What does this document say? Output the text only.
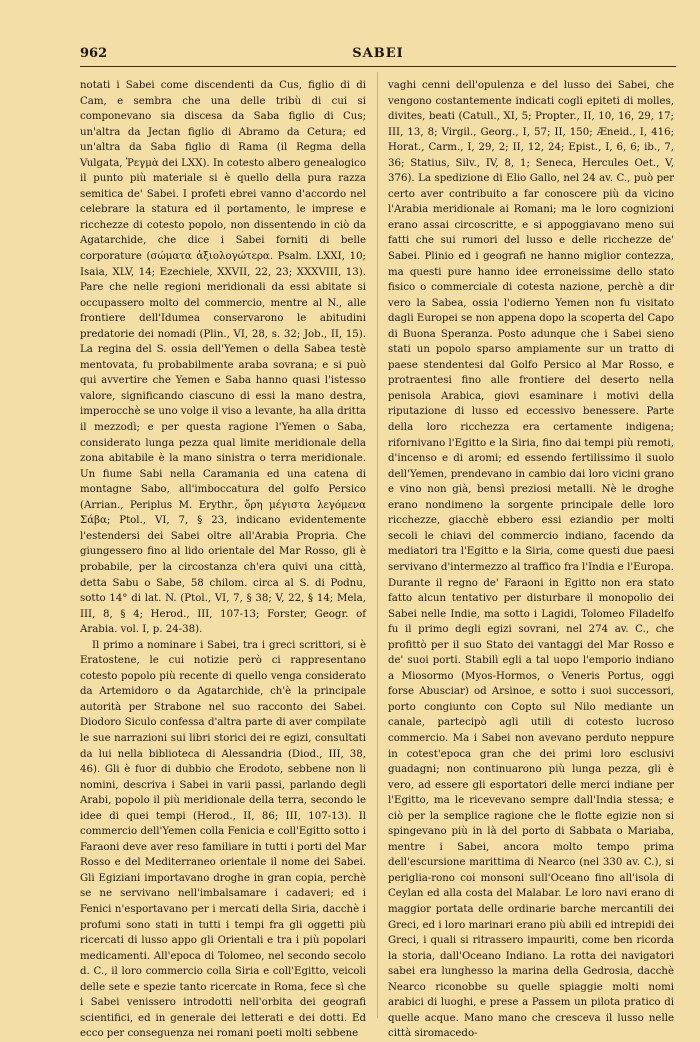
962	SABEI

notati i Sabei come discendenti da Cus, figlio di di Cam, e sembra che una delle tribù di cui si componevano sia discesa da Saba figlio di Cus; un'altra da Jectan figlio di Abramo da Cetura; ed un'altra da Saba figlio di Rama (il Regma della Vulgata, Ῥεγμὰ dei LXX). In cotesto albero genealogico il punto più materiale si è quello della pura razza semitica de' Sabei. I profeti ebrei vanno d'accordo nel celebrare la statura ed il portamento, le imprese e ricchezze di cotesto popolo, non dissentendo in ciò da Agatarchide, che dice i Sabei forniti di belle corporature (σώματα ἀξιολογώτερα. Psalm. LXXI, 10; Isaia, XLV, 14; Ezechiele, XXVII, 22, 23; XXXVIII, 13). Pare che nelle regioni meridionali da essi abitate si occupassero molto del commercio, mentre al N., alle frontiere dell'Idumea conservarono le abitudini predatorie dei nomadi (Plin., VI, 28, s. 32; Job., II, 15). La regina del S. ossia dell'Yemen o della Sabea testè mentovata, fu probabilmente araba sovrana; e si può qui avvertire che Yemen e Saba hanno quasi l'istesso valore, significando ciascuno di essi la mano destra, imperocchè se uno volge il viso a levante, ha alla dritta il mezzodì; e per questa ragione l'Yemen o Saba, considerato lunga pezza qual limite meridionale della zona abitabile è la mano sinistra o terra meridionale. Un fiume Sabi nella Caramania ed una catena di montagne Sabo, all'imboccatura del golfo Persico (Arrian., Periplus M. Erythr., ὄρη μέγιστα λεγόμενα Σάβα; Ptol., VI, 7, § 23, indicano evidentemente l'estendersi dei Sabei oltre all'Arabia Propria. Che giungessero fino al lido orientale del Mar Rosso, gli è probabile, per la circostanza ch'era quivi una città, detta Sabu o Sabe, 58 chilom. circa al S. di Podnu, sotto 14° di lat. N. (Ptol., VI, 7, § 38; V, 22, § 14; Mela, III, 8, § 4; Herod., III, 107-13; Forster, Geogr. of Arabia. vol. I, p. 24-38).

Il primo a nominare i Sabei, tra i greci scrittori, si è Eratostene, le cui notizie però ci rappresentano cotesto popolo più recente di quello venga considerato da Artemidoro o da Agatarchide, ch'è la principale autorità per Strabone nel suo racconto dei Sabei. Diodoro Siculo confessa d'altra parte di aver compilate le sue narrazioni sui libri storici dei re egizi, consultati da lui nella biblioteca di Alessandria (Diod., III, 38, 46). Gli è fuor di dubbio che Erodoto, sebbene non li nomini, descriva i Sabei in varii passi, parlando degli Arabi, popolo il più meridionale della terra, secondo le idee di quei tempi (Herod., II, 86; III, 107-13). Il commercio dell'Yemen colla Fenicia e coll'Egitto sotto i Faraoni deve aver reso familiare in tutti i porti del Mar Rosso e del Mediterraneo orientale il nome dei Sabei. Gli Egiziani importavano droghe in gran copia, perchè se ne servivano nell'imbalsamare i cadaveri; ed i Fenici n'esportavano per i mercati della Siria, dacchè i profumi sono stati in tutti i tempi fra gli oggetti più ricercati di lusso appo gli Orientali e tra i più popolari medicamenti. All'epoca di Tolomeo, nel secondo secolo d. C., il loro commercio colla Siria e coll'Egitto, veicoli delle sete e spezie tanto ricercate in Roma, fece sì che i Sabei venissero introdotti nell'orbita dei geografi scientifici, ed in generale dei letterati e dei dotti. Ed ecco per conseguenza nei romani poeti molti sebbene

vaghi cenni dell'opulenza e del lusso dei Sabei, che vengono costantemente indicati cogli epiteti di molles, divites, beati (Catull., XI, 5; Propter., II, 10, 16, 29, 17; III, 13, 8; Virgil., Georg., I, 57; II, 150; Æneid., I, 416; Horat., Carm., I, 29, 2; II, 12, 24; Epist., I, 6, 6; ib., 7, 36; Statius, Silv., IV, 8, 1; Seneca, Hercules Oet., V, 376). La spedizione di Elio Gallo, nel 24 av. C., può per certo aver contribuito a far conoscere più da vicino l'Arabia meridionale ai Romani; ma le loro cognizioni erano assai circoscritte, e si appoggiavano meno sui fatti che sui rumori del lusso e delle ricchezze de' Sabei. Plinio ed i geografi ne hanno miglior contezza, ma questi pure hanno idee erroneissime dello stato fisico o commerciale di cotesta nazione, perchè a dir vero la Sabea, ossia l'odierno Yemen non fu visitato dagli Europei se non appena dopo la scoperta del Capo di Buona Speranza. Posto adunque che i Sabei sieno stati un popolo sparso ampiamente sur un tratto di paese stendentesi dal Golfo Persico al Mar Rosso, e protraentesi fino alle frontiere del deserto nella penisola Arabica, giovi esaminare i motivi della riputazione di lusso ed eccessivo benessere. Parte della loro ricchezza era certamente indigena; rifornivano l'Egitto e la Siria, fino dai tempi più remoti, d'incenso e di aromi; ed essendo fertilissimo il suolo dell'Yemen, prendevano in cambio dai loro vicini grano e vino non già, bensì preziosi metalli. Nè le droghe erano nondimeno la sorgente principale delle loro ricchezze, giacchè ebbero essi eziandio per molti secoli le chiavi del commercio indiano, facendo da mediatori tra l'Egitto e la Siria, come questi due paesi servivano d'intermezzo al traffico fra l'India e l'Europa. Durante il regno de' Faraoni in Egitto non era stato fatto alcun tentativo per disturbare il monopolio dei Sabei nelle Indie, ma sotto i Lagidi, Tolomeo Filadelfo fu il primo degli egizi sovrani, nel 274 av. C., che profittò per il suo Stato dei vantaggi del Mar Rosso e de' suoi porti. Stabilì egli a tal uopo l'emporio indiano a Miosormo (Myos-Hormos, o Veneris Portus, oggi forse Abusciar) od Arsinoe, e sotto i suoi successori, porto congiunto con Copto sul Nilo mediante un canale, partecipò agli utili di cotesto lucroso commercio. Ma i Sabei non avevano perduto neppure in cotest'epoca gran che dei primi loro esclusivi guadagni; non continuarono più lunga pezza, gli è vero, ad essere gli esportatori delle merci indiane per l'Egitto, ma le ricevevano sempre dall'India stessa; e ciò per la semplice ragione che le flotte egizie non si spingevano più in là del porto di Sabbata o Mariaba, mentre i Sabei, ancora molto tempo prima dell'escursione marittima di Nearco (nel 330 av. C.), si periglia-rono coi monsoni sull'Oceano fino all'isola di Ceylan ed alla costa del Malabar. Le loro navi erano di maggior portata delle ordinarie barche mercantili dei Greci, ed i loro marinari erano più abili ed intrepidi dei Greci, i quali si ritrassero impauriti, come ben ricorda la storia, dall'Oceano Indiano. La rotta dei navigatori sabei era lunghesso la marina della Gedrosia, dacchè Nearco riconobbe su quelle spiaggie molti nomi arabici di luoghi, e prese a Passem un pilota pratico di quelle acque. Mano mano che cresceva il lusso nelle città siromacedo-
